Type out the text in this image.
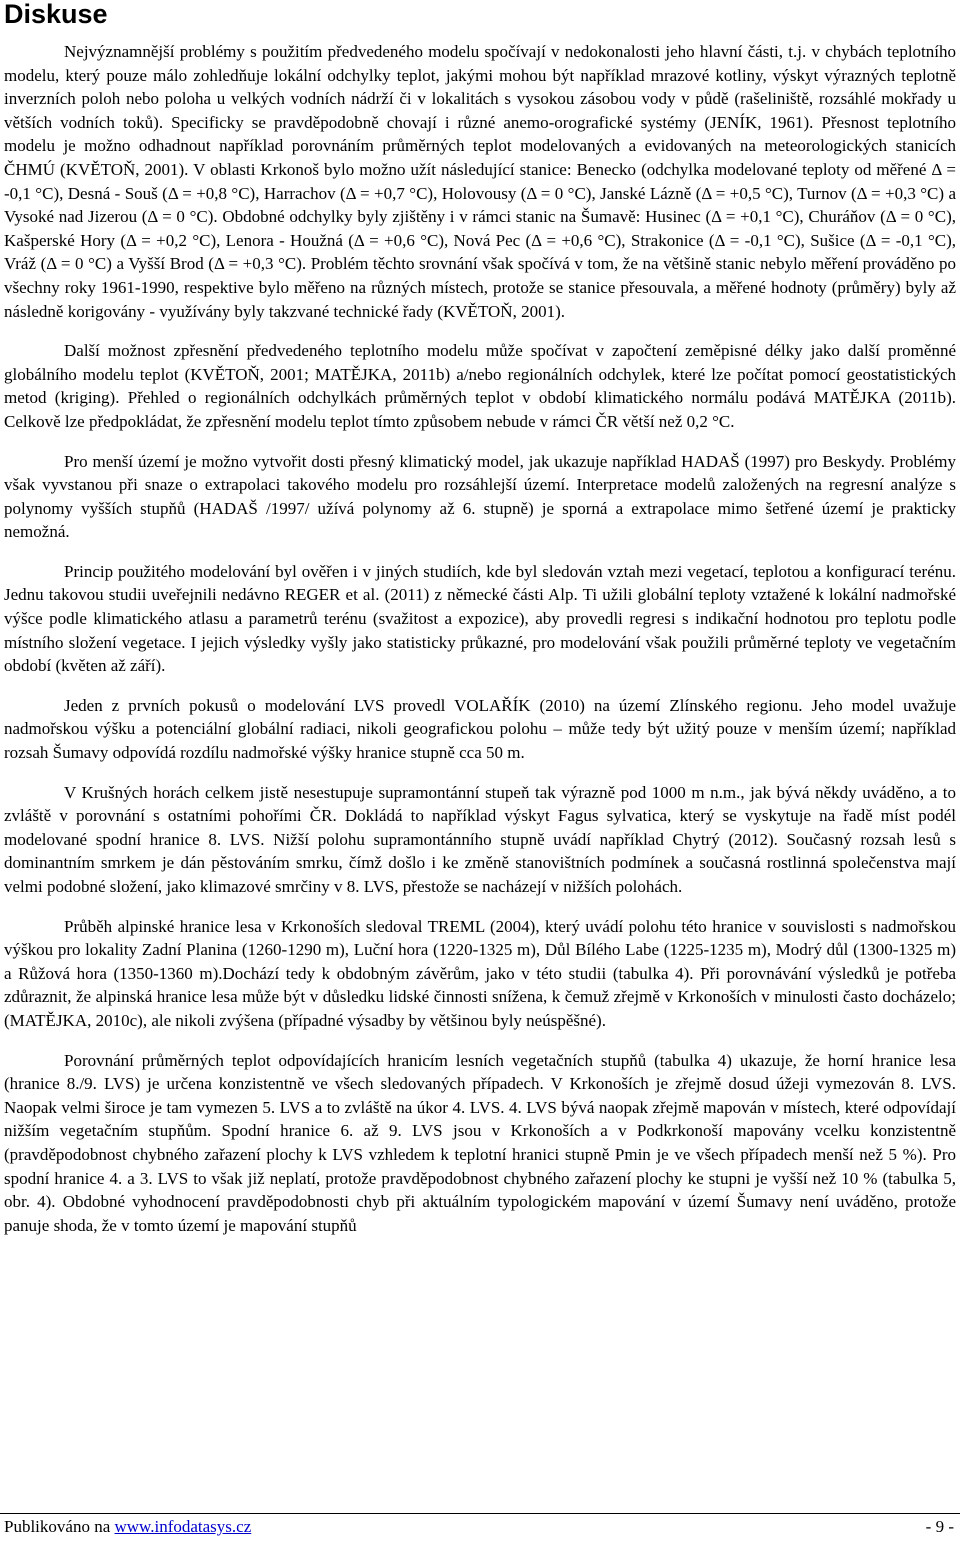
Diskuse

Nejvýznamnější problémy s použitím předvedeného modelu spočívají v nedokonalosti jeho hlavní části, t.j. v chybách teplotního modelu, který pouze málo zohledňuje lokální odchylky teplot, jakými mohou být například mrazové kotliny, výskyt výrazných teplotně inverzních poloh nebo poloha u velkých vodních nádrží či v lokalitách s vysokou zásobou vody v půdě (rašeliniště, rozsáhlé mokřady u větších vodních toků). Specificky se pravděpodobně chovají i různé anemo-orografické systémy (JENÍK, 1961). Přesnost teplotního modelu je možno odhadnout například porovnáním průměrných teplot modelovaných a evidovaných na meteorologických stanicích ČHMÚ (KVĚTOŇ, 2001). V oblasti Krkonoš bylo možno užít následující stanice: Benecko (odchylka modelované teploty od měřené Δ = -0,1 °C), Desná - Souš (Δ = +0,8 °C), Harrachov (Δ = +0,7 °C), Holovousy (Δ = 0 °C), Janské Lázně (Δ = +0,5 °C), Turnov (Δ = +0,3 °C) a Vysoké nad Jizerou (Δ = 0 °C). Obdobné odchylky byly zjištěny i v rámci stanic na Šumavě: Husinec (Δ = +0,1 °C), Churáňov (Δ = 0 °C), Kašperské Hory (Δ = +0,2 °C), Lenora - Houžná (Δ = +0,6 °C), Nová Pec (Δ = +0,6 °C), Strakonice (Δ = -0,1 °C), Sušice (Δ = -0,1 °C), Vráž (Δ = 0 °C) a Vyšší Brod (Δ = +0,3 °C). Problém těchto srovnání však spočívá v tom, že na většině stanic nebylo měření prováděno po všechny roky 1961-1990, respektive bylo měřeno na různých místech, protože se stanice přesouvala, a měřené hodnoty (průměry) byly až následně korigovány - využívány byly takzvané technické řady (KVĚTOŇ, 2001).

Další možnost zpřesnění předvedeného teplotního modelu může spočívat v započtení zeměpisné délky jako další proměnné globálního modelu teplot (KVĚTOŇ, 2001; MATĚJKA, 2011b) a/nebo regionálních odchylek, které lze počítat pomocí geostatistických metod (kriging). Přehled o regionálních odchylkách průměrných teplot v období klimatického normálu podává MATĚJKA (2011b). Celkově lze předpokládat, že zpřesnění modelu teplot tímto způsobem nebude v rámci ČR větší než 0,2 °C.

Pro menší území je možno vytvořit dosti přesný klimatický model, jak ukazuje například HADAŠ (1997) pro Beskydy. Problémy však vyvstanou při snaze o extrapolaci takového modelu pro rozsáhlejší území. Interpretace modelů založených na regresní analýze s polynomy vyšších stupňů (HADAŠ /1997/ užívá polynomy až 6. stupně) je sporná a extrapolace mimo šetřené území je prakticky nemožná.

Princip použitého modelování byl ověřen i v jiných studiích, kde byl sledován vztah mezi vegetací, teplotou a konfigurací terénu. Jednu takovou studii uveřejnili nedávno REGER et al. (2011) z německé části Alp. Ti užili globální teploty vztažené k lokální nadmořské výšce podle klimatického atlasu a parametrů terénu (svažitost a expozice), aby provedli regresi s indikační hodnotou pro teplotu podle místního složení vegetace. I jejich výsledky vyšly jako statisticky průkazné, pro modelování však použili průměrné teploty ve vegetačním období (květen až září).

Jeden z prvních pokusů o modelování LVS provedl VOLAŘÍK (2010) na území Zlínského regionu. Jeho model uvažuje nadmořskou výšku a potenciální globální radiaci, nikoli geografickou polohu – může tedy být užitý pouze v menším území; například rozsah Šumavy odpovídá rozdílu nadmořské výšky hranice stupně cca 50 m.

V Krušných horách celkem jistě nesestupuje supramontánní stupeň tak výrazně pod 1000 m n.m., jak bývá někdy uváděno, a to zvláště v porovnání s ostatními pohořími ČR. Dokládá to například výskyt Fagus sylvatica, který se vyskytuje na řadě míst podél modelované spodní hranice 8. LVS. Nižší polohu supramontánního stupně uvádí například Chytrý (2012). Současný rozsah lesů s dominantním smrkem je dán pěstováním smrku, čímž došlo i ke změně stanovištních podmínek a současná rostlinná společenstva mají velmi podobné složení, jako klimazové smrčiny v 8. LVS, přestože se nacházejí v nižších polohách.

Průběh alpinské hranice lesa v Krkonoších sledoval TREML (2004), který uvádí polohu této hranice v souvislosti s nadmořskou výškou pro lokality Zadní Planina (1260-1290 m), Luční hora (1220-1325 m), Důl Bílého Labe (1225-1235 m), Modrý důl (1300-1325 m) a Růžová hora (1350-1360 m).Dochází tedy k obdobným závěrům, jako v této studii (tabulka 4). Při porovnávání výsledků je potřeba zdůraznit, že alpinská hranice lesa může být v důsledku lidské činnosti snížena, k čemuž zřejmě v Krkonoších v minulosti často docházelo; (MATĚJKA, 2010c), ale nikoli zvýšena (případné výsadby by většinou byly neúspěšné).

Porovnání průměrných teplot odpovídajících hranicím lesních vegetačních stupňů (tabulka 4) ukazuje, že horní hranice lesa (hranice 8./9. LVS) je určena konzistentně ve všech sledovaných případech. V Krkonoších je zřejmě dosud úžeji vymezován 8. LVS. Naopak velmi široce je tam vymezen 5. LVS a to zvláště na úkor 4. LVS. 4. LVS bývá naopak zřejmě mapován v místech, které odpovídají nižším vegetačním stupňům. Spodní hranice 6. až 9. LVS jsou v Krkonoších a v Podkrkonoší mapovány vcelku konzistentně (pravděpodobnost chybného zařazení plochy k LVS vzhledem k teplotní hranici stupně Pmin je ve všech případech menší než 5 %). Pro spodní hranice 4. a 3. LVS to však již neplatí, protože pravděpodobnost chybného zařazení plochy ke stupni je vyšší než 10 % (tabulka 5, obr. 4). Obdobné vyhodnocení pravděpodobnosti chyb při aktuálním typologickém mapování v území Šumavy není uváděno, protože panuje shoda, že v tomto území je mapování stupňů

Publikováno na www.infodatasys.cz	- 9 -
